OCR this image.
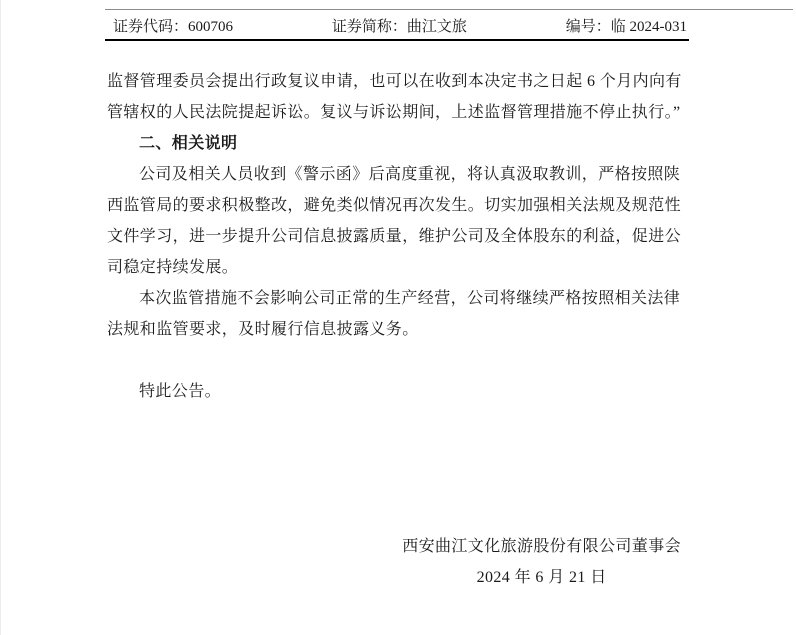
证券代码：600706	证券简称：曲江文旅	编号：临 2024-031
监督管理委员会提出行政复议申请，也可以在收到本决定书之日起 6 个月内向有
管辖权的人民法院提起诉讼。复议与诉讼期间，上述监督管理措施不停止执行。”
二、相关说明
公司及相关人员收到《警示函》后高度重视，将认真汲取教训，严格按照陕
西监管局的要求积极整改，避免类似情况再次发生。切实加强相关法规及规范性
文件学习，进一步提升公司信息披露质量，维护公司及全体股东的利益，促进公
司稳定持续发展。
本次监管措施不会影响公司正常的生产经营，公司将继续严格按照相关法律
法规和监管要求，及时履行信息披露义务。
特此公告。
西安曲江文化旅游股份有限公司董事会
2024 年 6 月 21 日
